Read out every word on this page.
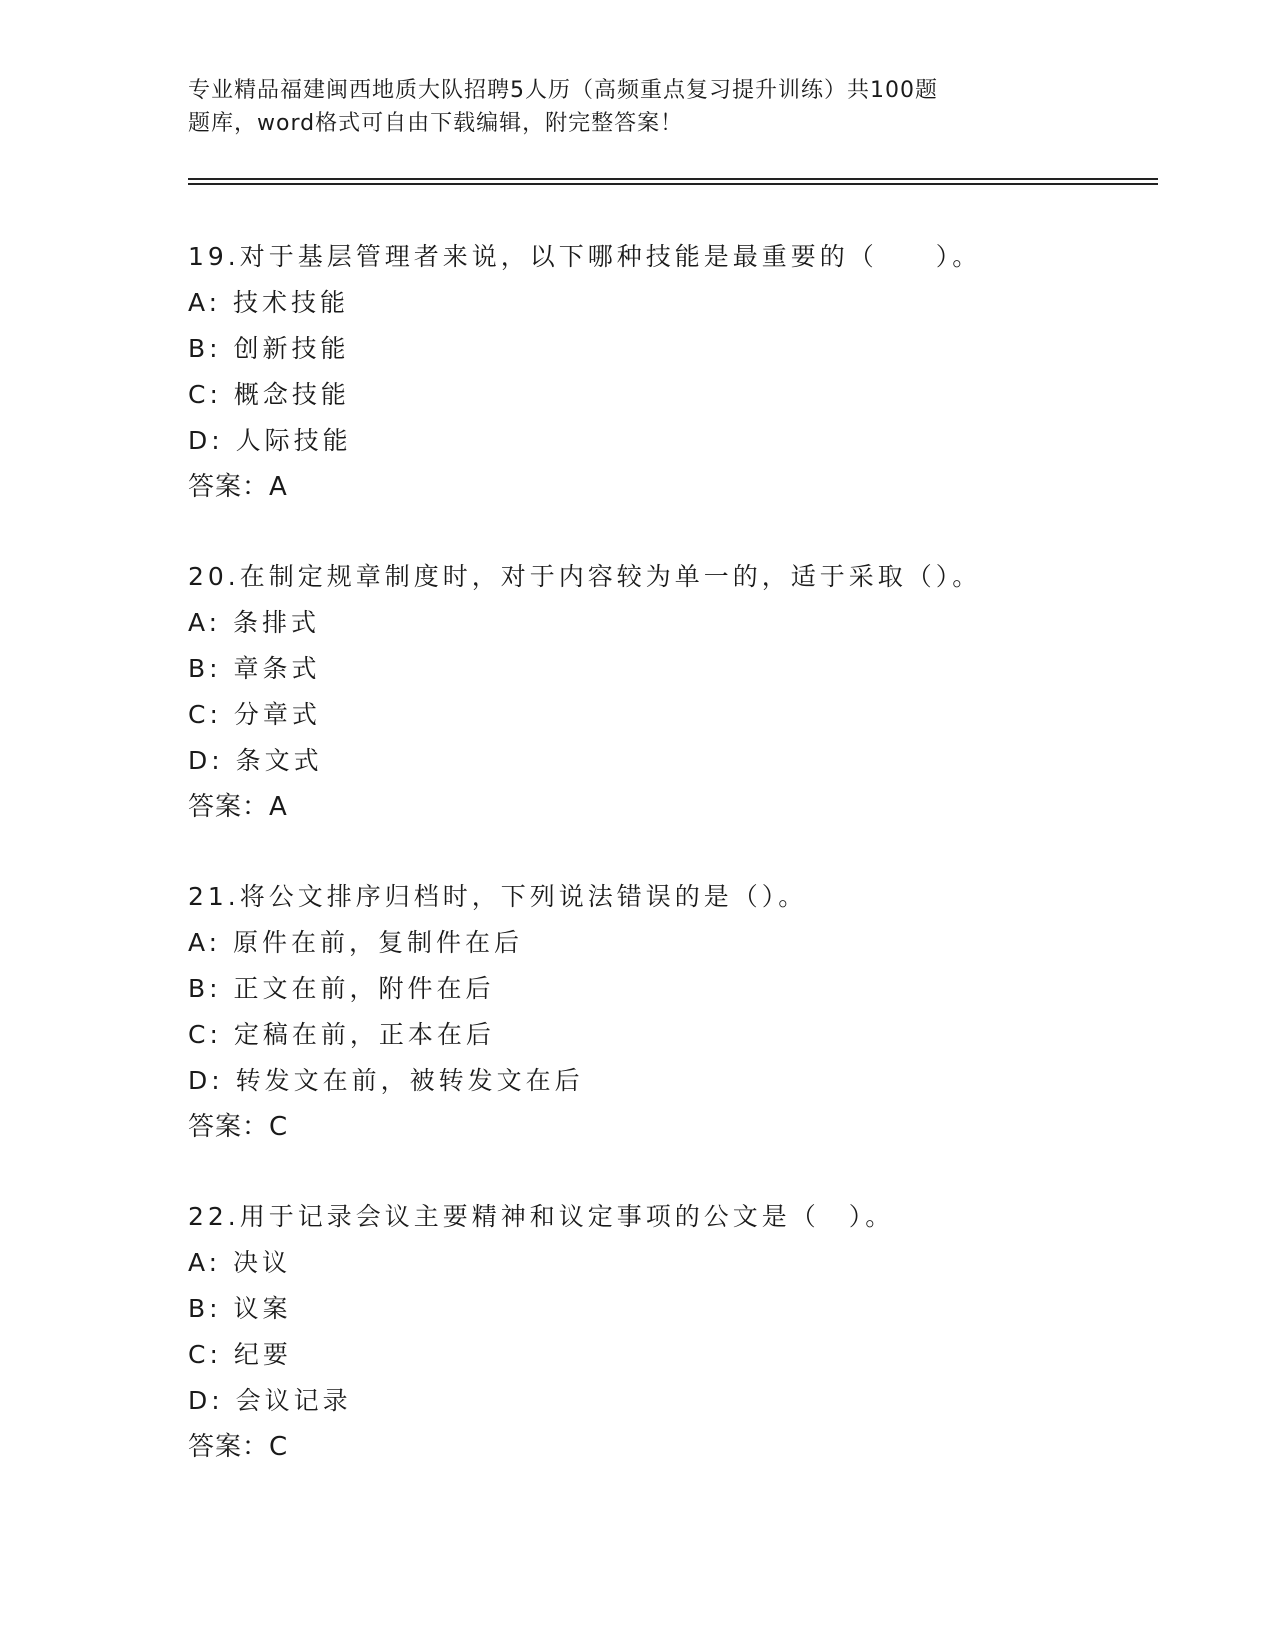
专业精品福建闽西地质大队招聘5人历（高频重点复习提升训练）共100题
题库，word格式可自由下载编辑，附完整答案！
19.对于基层管理者来说，以下哪种技能是最重要的（　　）。
A: 技术技能
B: 创新技能
C: 概念技能
D: 人际技能
答案：A
20.在制定规章制度时，对于内容较为单一的，适于采取（）。
A: 条排式
B: 章条式
C: 分章式
D: 条文式
答案：A
21.将公文排序归档时，下列说法错误的是（）。
A: 原件在前，复制件在后
B: 正文在前，附件在后
C: 定稿在前，正本在后
D: 转发文在前，被转发文在后
答案：C
22.用于记录会议主要精神和议定事项的公文是（　）。
A: 决议
B: 议案
C: 纪要
D: 会议记录
答案：C
